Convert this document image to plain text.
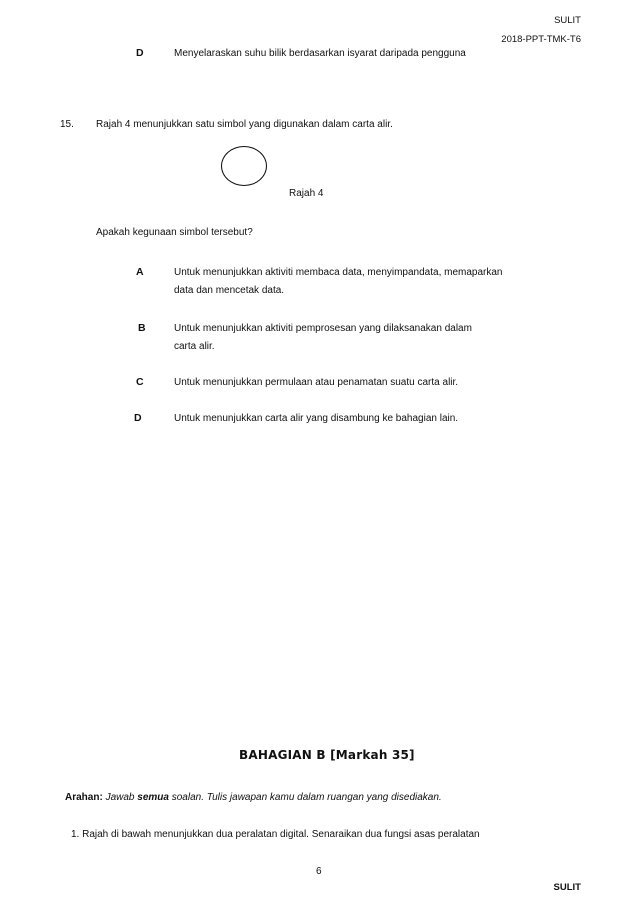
SULIT
2018-PPT-TMK-T6
D	Menyelaraskan suhu bilik berdasarkan isyarat daripada pengguna
15. Rajah 4 menunjukkan satu simbol yang digunakan dalam carta alir.
Rajah 4
Apakah kegunaan simbol tersebut?
A	Untuk menunjukkan aktiviti membaca data, menyimpandata, memaparkan
data dan mencetak data.
B	Untuk menunjukkan aktiviti pemprosesan yang dilaksanakan dalam
carta alir.
C	Untuk menunjukkan permulaan atau penamatan suatu carta alir.
D	Untuk menunjukkan carta alir yang disambung ke bahagian lain.
BAHAGIAN B [Markah 35]
Arahan: Jawab semua soalan. Tulis jawapan kamu dalam ruangan yang disediakan.
1. Rajah di bawah menunjukkan dua peralatan digital. Senaraikan dua fungsi asas peralatan
6
SULIT
